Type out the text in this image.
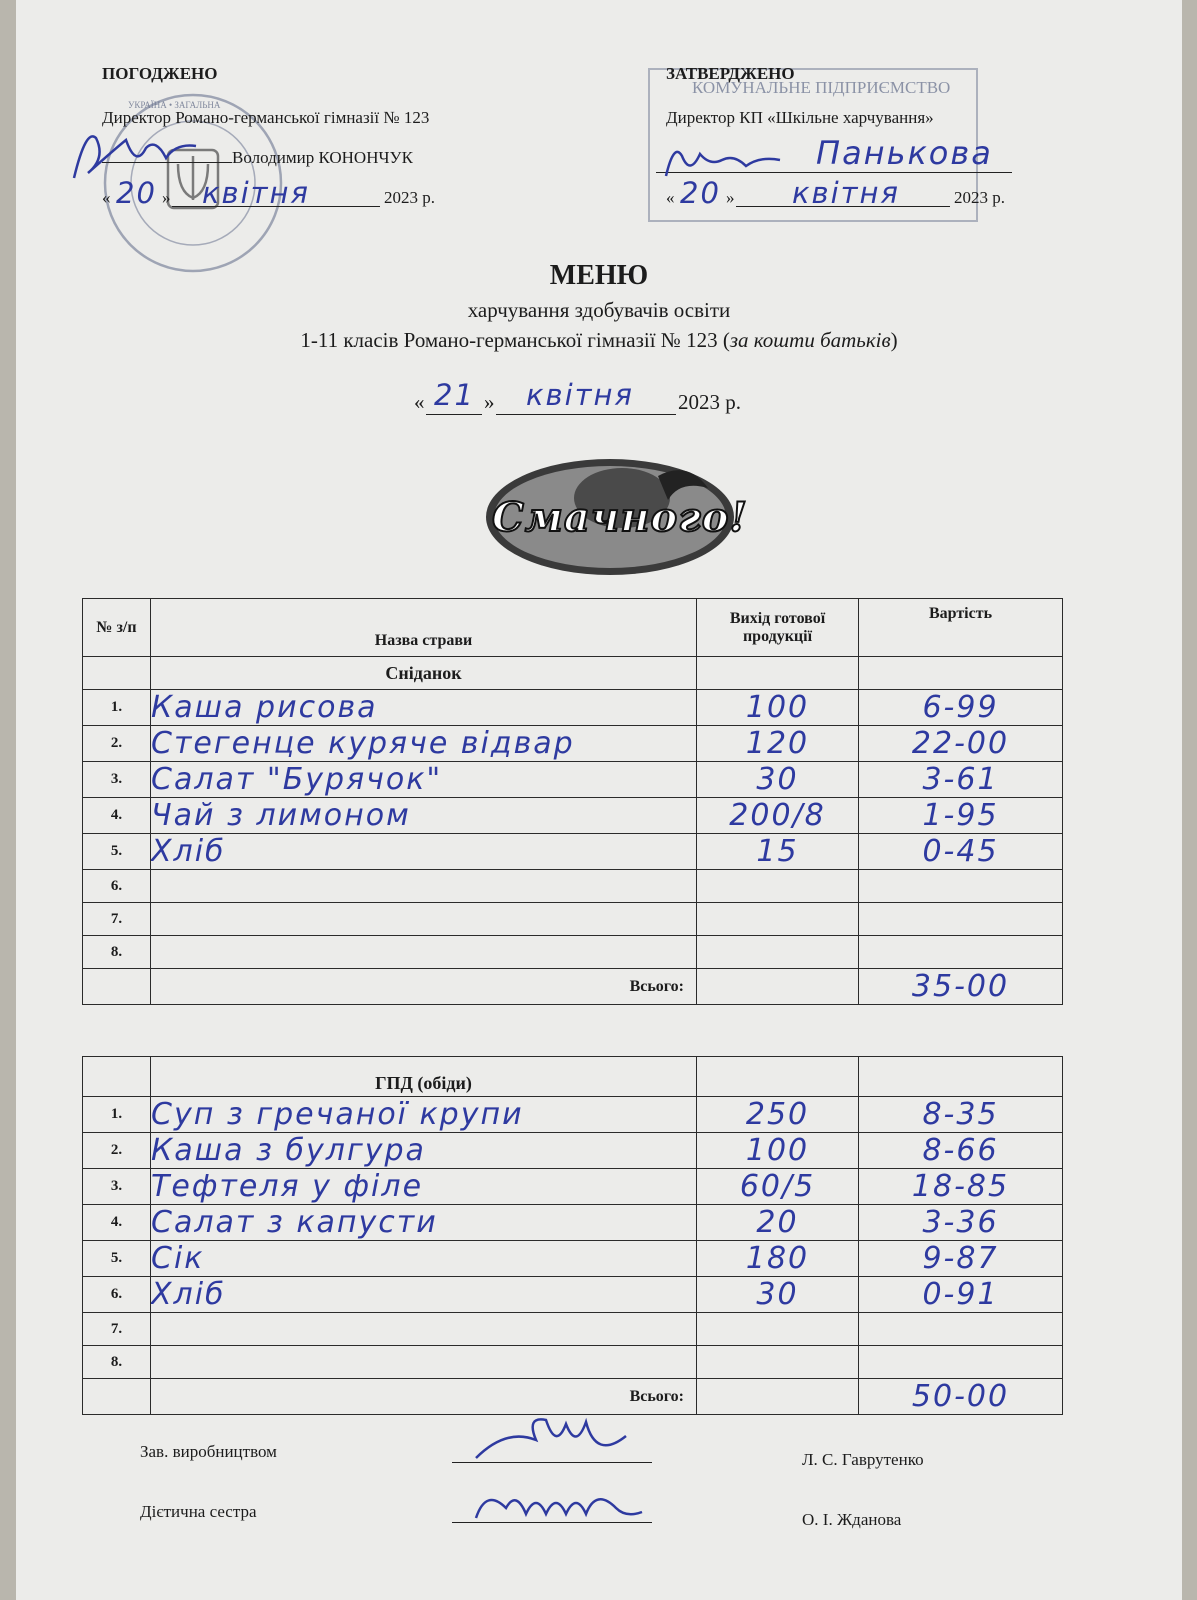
УКРАЇНА • ЗАГАЛЬНА
ПОГОДЖЕНО
Директор Романо-германської гімназії № 123
Володимир КОНОНЧУК
« 20 » квітня	2023 р.
КОМУНАЛЬНЕ ПІДПРИЄМСТВО
ЗАТВЕРДЖЕНО
Директор КП «Шкільне харчування»
Панькова
« 20 » квітня	2023 р.
МЕНЮ
харчування здобувачів освіти
1-11 класів Романо-германської гімназії № 123 (за кошти батьків)
« 21 » квітня 2023 р.
Смачного!
№ з/п	Назва страви	Вихід готової продукції	Вартість
	Сніданок		
1.	Каша рисова	100	6-99
2.	Стегенце куряче відвар	120	22-00
3.	Салат "Бурячок"	30	3-61
4.	Чай з лимоном	200/8	1-95
5.	Хліб	15	0-45
6.			
7.			
8.			
	Всього:		35-00
	ГПД (обіди)		
1.	Суп з гречаної крупи	250	8-35
2.	Каша з булгура	100	8-66
3.	Тефтеля у філе	60/5	18-85
4.	Салат з капусти	20	3-36
5.	Сік	180	9-87
6.	Хліб	30	0-91
7.			
8.			
	Всього:		50-00
Зав. виробництвом	Л. С. Гаврутенко
Дієтична сестра	О. І. Жданова
